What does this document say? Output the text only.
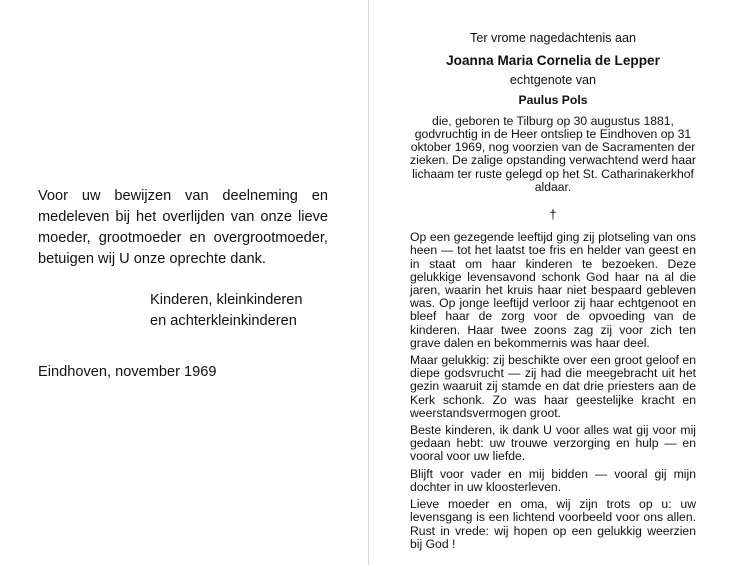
Voor uw bewijzen van deelneming en medeleven bij het overlijden van onze lieve moeder, grootmoeder en overgrootmoeder, betuigen wij U onze oprechte dank.
Kinderen, kleinkinderen
en achterkleinkinderen
Eindhoven, november 1969
Ter vrome nagedachtenis aan
Joanna Maria Cornelia de Lepper
echtgenote van
Paulus Pols
die, geboren te Tilburg op 30 augustus 1881, godvruchtig in de Heer ontsliep te Eindhoven op 31 oktober 1969, nog voorzien van de Sacramenten der zieken. De zalige opstanding verwachtend werd haar lichaam ter ruste gelegd op het St. Catharinakerkhof aldaar.
†
Op een gezegende leeftijd ging zij plotseling van ons heen — tot het laatst toe fris en helder van geest en in staat om haar kinderen te bezoeken. Deze gelukkige levensavond schonk God haar na al die jaren, waarin het kruis haar niet bespaard gebleven was. Op jonge leeftijd verloor zij haar echtgenoot en bleef haar de zorg voor de opvoeding van de kinderen. Haar twee zoons zag zij voor zich ten grave dalen en bekommernis was haar deel.
Maar gelukkig: zij beschikte over een groot geloof en diepe godsvrucht — zij had die meegebracht uit het gezin waaruit zij stamde en dat drie priesters aan de Kerk schonk. Zo was haar geestelijke kracht en weerstandsvermogen groot.
Beste kinderen, ik dank U voor alles wat gij voor mij gedaan hebt: uw trouwe verzorging en hulp — en vooral voor uw liefde.
Blijft voor vader en mij bidden — vooral gij mijn dochter in uw kloosterleven.
Lieve moeder en oma, wij zijn trots op u: uw levensgang is een lichtend voorbeeld voor ons allen. Rust in vrede: wij hopen op een gelukkig weerzien bij God !
